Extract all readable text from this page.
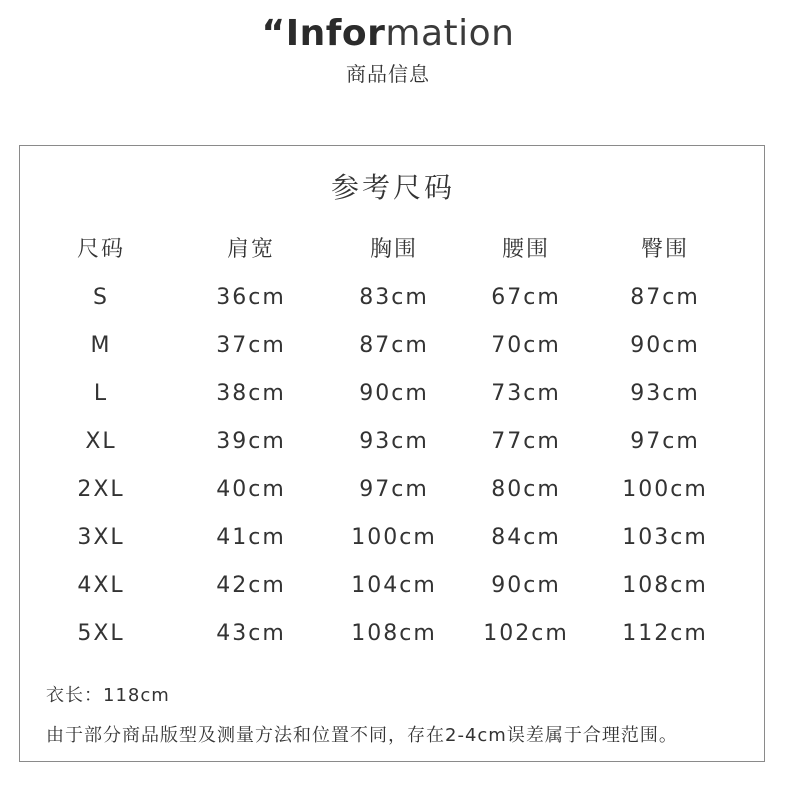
“Information
商品信息
参考尺码
尺码	肩宽	胸围	腰围	臀围
S	36cm	83cm	67cm	87cm
M	37cm	87cm	70cm	90cm
L	38cm	90cm	73cm	93cm
XL	39cm	93cm	77cm	97cm
2XL	40cm	97cm	80cm	100cm
3XL	41cm	100cm	84cm	103cm
4XL	42cm	104cm	90cm	108cm
5XL	43cm	108cm	102cm	112cm
衣长：118cm
由于部分商品版型及测量方法和位置不同，存在2-4cm误差属于合理范围。
